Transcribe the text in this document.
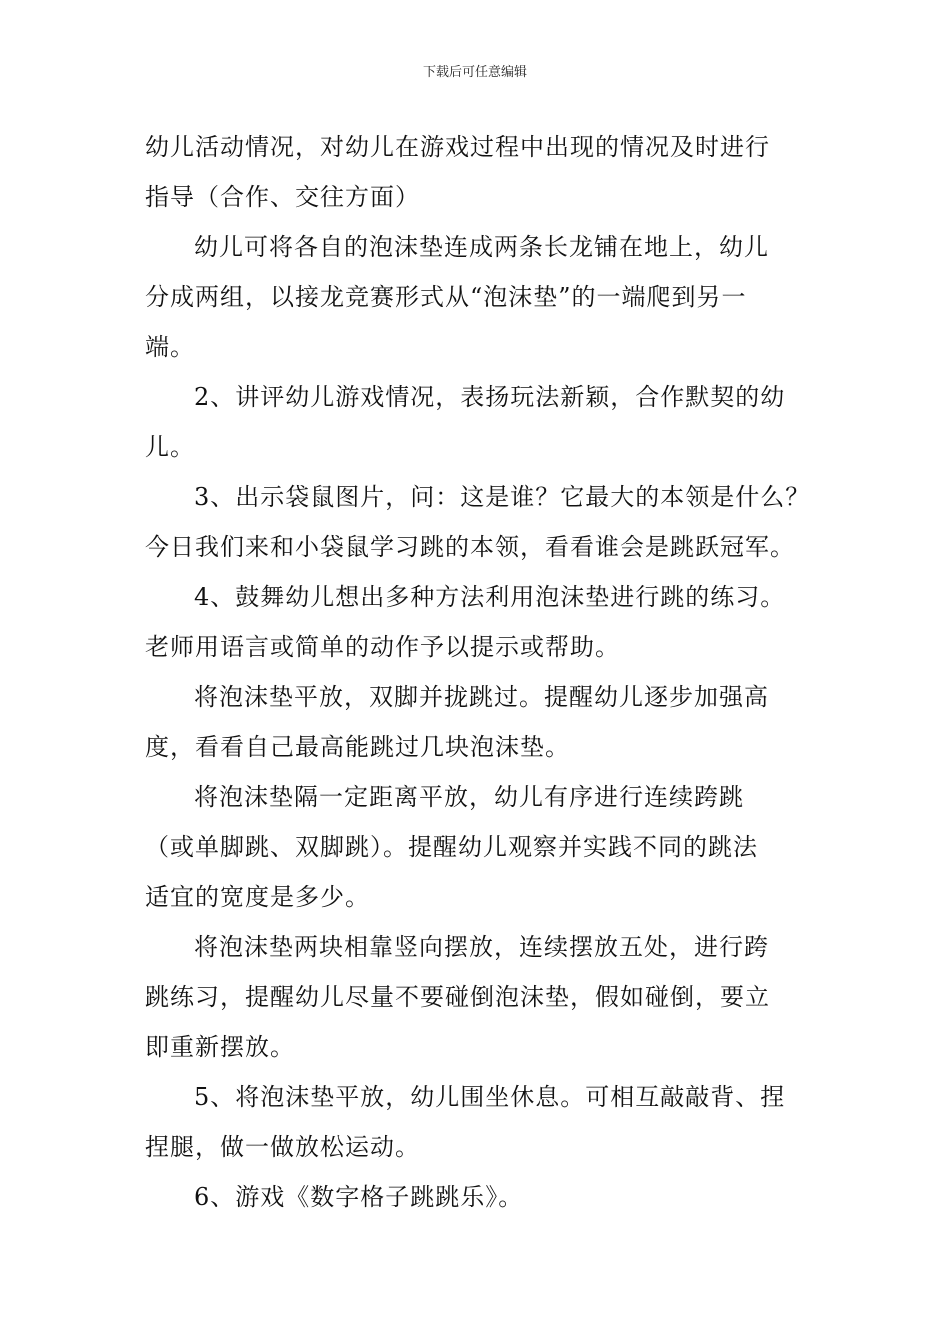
下载后可任意编辑

幼儿活动情况，对幼儿在游戏过程中出现的情况及时进行
指导（合作、交往方面）

幼儿可将各自的泡沫垫连成两条长龙铺在地上，幼儿
分成两组，以接龙竞赛形式从“泡沫垫”的一端爬到另一
端。

2、讲评幼儿游戏情况，表扬玩法新颖，合作默契的幼
儿。

3、出示袋鼠图片，问：这是谁？它最大的本领是什么？
今日我们来和小袋鼠学习跳的本领，看看谁会是跳跃冠军。

4、鼓舞幼儿想出多种方法利用泡沫垫进行跳的练习。
老师用语言或简单的动作予以提示或帮助。

将泡沫垫平放，双脚并拢跳过。提醒幼儿逐步加强高
度，看看自己最高能跳过几块泡沫垫。

将泡沫垫隔一定距离平放，幼儿有序进行连续跨跳
（或单脚跳、双脚跳）。提醒幼儿观察并实践不同的跳法
适宜的宽度是多少。

将泡沫垫两块相靠竖向摆放，连续摆放五处，进行跨
跳练习，提醒幼儿尽量不要碰倒泡沫垫，假如碰倒，要立
即重新摆放。

5、将泡沫垫平放，幼儿围坐休息。可相互敲敲背、捏
捏腿，做一做放松运动。

6、游戏《数字格子跳跳乐》。
